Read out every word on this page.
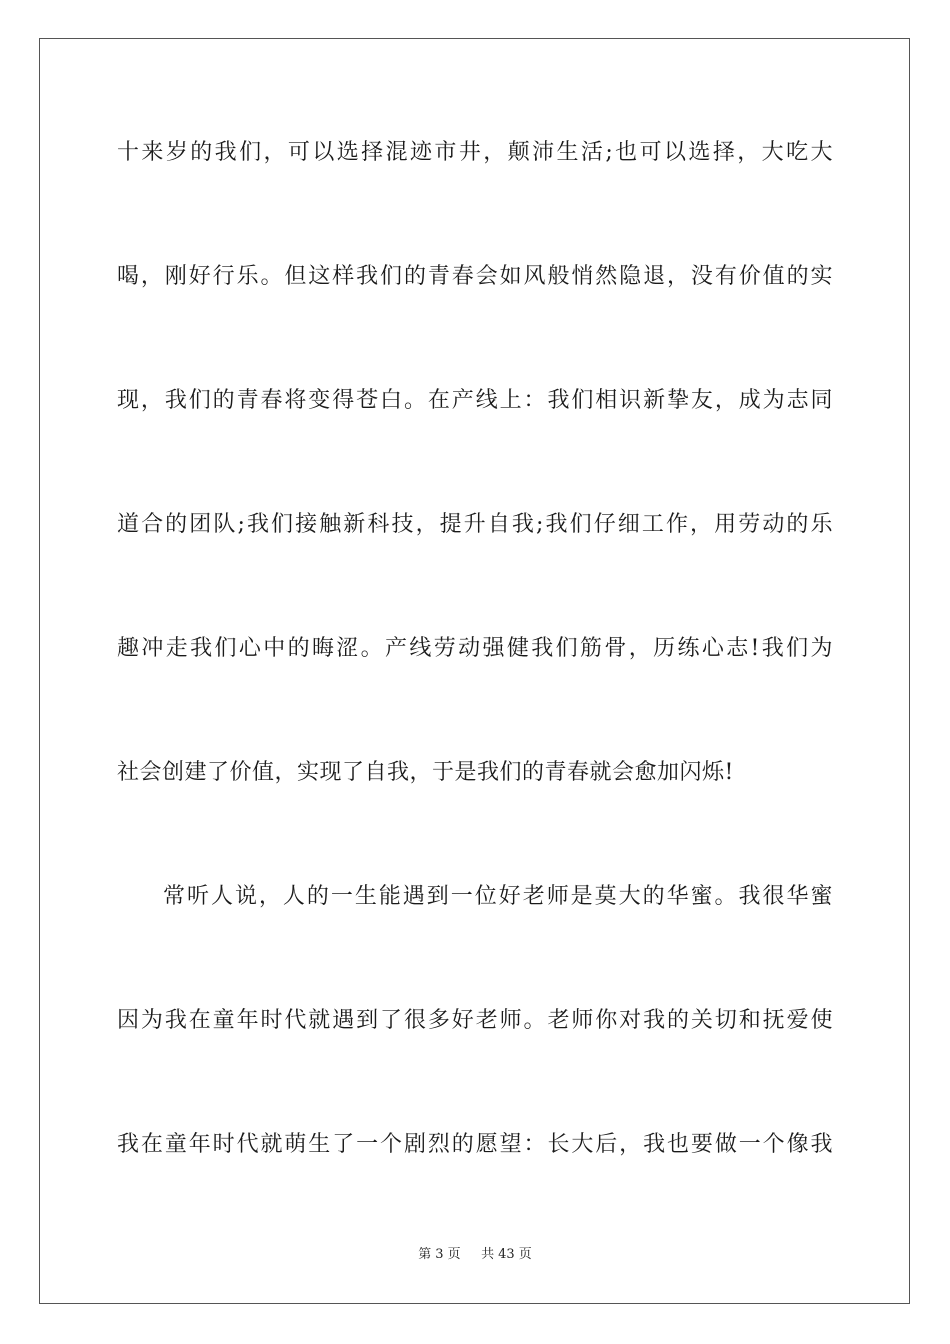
十来岁的我们，可以选择混迹市井，颠沛生活;也可以选择，大吃大
喝，刚好行乐。但这样我们的青春会如风般悄然隐退，没有价值的实
现，我们的青春将变得苍白。在产线上：我们相识新挚友，成为志同
道合的团队;我们接触新科技，提升自我;我们仔细工作，用劳动的乐
趣冲走我们心中的晦涩。产线劳动强健我们筋骨，历练心志!我们为
社会创建了价值，实现了自我，于是我们的青春就会愈加闪烁!
常听人说，人的一生能遇到一位好老师是莫大的华蜜。我很华蜜
因为我在童年时代就遇到了很多好老师。老师你对我的关切和抚爱使
我在童年时代就萌生了一个剧烈的愿望：长大后，我也要做一个像我
第 3 页 共 43 页
